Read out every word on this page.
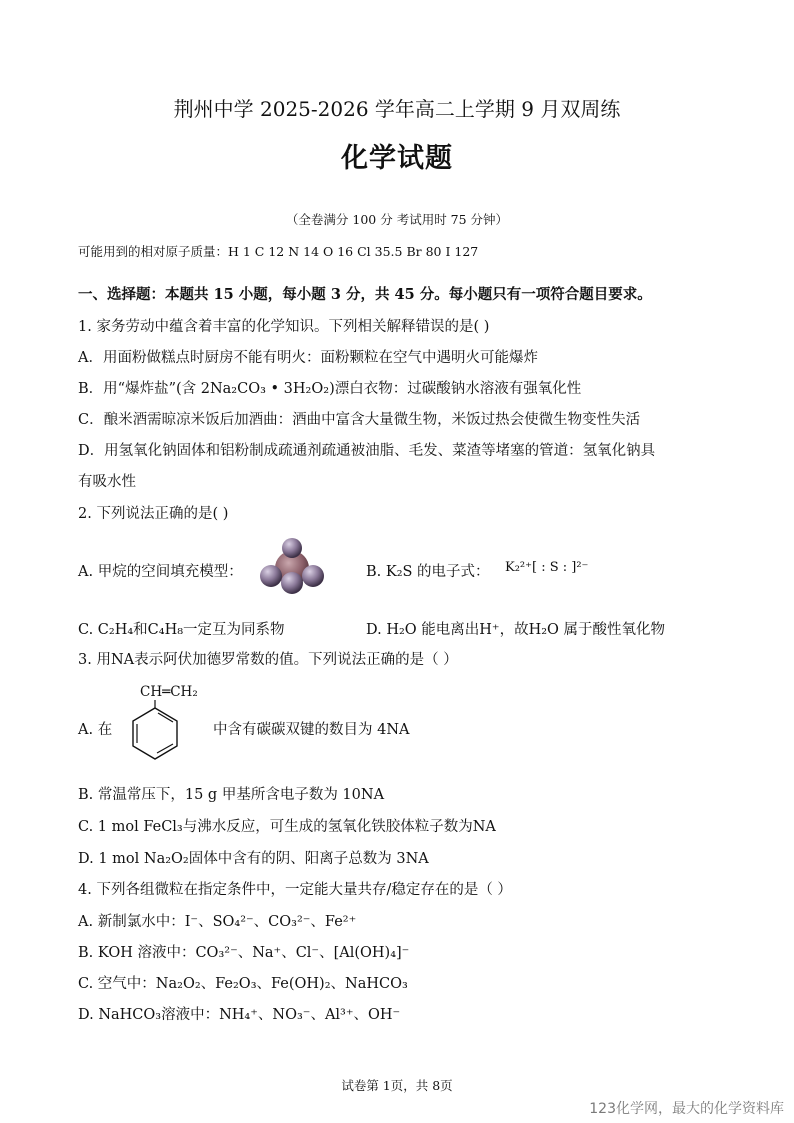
荆州中学 2025-2026 学年高二上学期 9 月双周练
化学试题
（全卷满分 100 分 考试用时 75 分钟）
可能用到的相对原子质量：H 1 C 12 N 14 O 16 Cl 35.5 Br 80 I 127
一、选择题：本题共 15 小题，每小题 3 分，共 45 分。每小题只有一项符合题目要求。
1. 家务劳动中蕴含着丰富的化学知识。下列相关解释错误的是( )
A．用面粉做糕点时厨房不能有明火：面粉颗粒在空气中遇明火可能爆炸
B．用“爆炸盐”(含 2Na₂CO₃ • 3H₂O₂)漂白衣物：过碳酸钠水溶液有强氧化性
C．酿米酒需晾凉米饭后加酒曲：酒曲中富含大量微生物，米饭过热会使微生物变性失活
D．用氢氧化钠固体和铝粉制成疏通剂疏通被油脂、毛发、菜渣等堵塞的管道：氢氧化钠具
有吸水性
2. 下列说法正确的是( )
A. 甲烷的空间填充模型：	B. K₂S 的电子式： K₂²⁺[ : S : ]²⁻
C. C₂H₄和C₄H₈一定互为同系物	D. H₂O 能电离出H⁺，故H₂O 属于酸性氧化物
3. 用NA表示阿伏加德罗常数的值。下列说法正确的是（ ）
CH═CH₂
A. 在	中含有碳碳双键的数目为 4NA
B. 常温常压下，15 g 甲基所含电子数为 10NA
C. 1 mol FeCl₃与沸水反应，可生成的氢氧化铁胶体粒子数为NA
D. 1 mol Na₂O₂固体中含有的阴、阳离子总数为 3NA
4. 下列各组微粒在指定条件中，一定能大量共存/稳定存在的是（ ）
A. 新制氯水中：I⁻、SO₄²⁻、CO₃²⁻、Fe²⁺
B. KOH 溶液中：CO₃²⁻、Na⁺、Cl⁻、[Al(OH)₄]⁻
C. 空气中：Na₂O₂、Fe₂O₃、Fe(OH)₂、NaHCO₃
D. NaHCO₃溶液中：NH₄⁺、NO₃⁻、Al³⁺、OH⁻
试卷第 1页，共 8页
123化学网，最大的化学资料库
